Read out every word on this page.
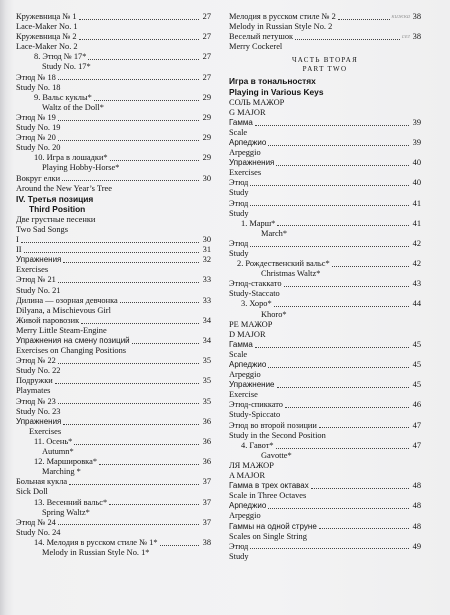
Кружевница № 1	27
Lace-Maker No. 1
Кружевница № 2	27
Lace-Maker No. 2
8. Этюд № 17*	27
Study No. 17*
Этюд № 18	27
Study No. 18
9. Вальс куклы*	29
Waltz of the Doll*
Этюд № 19	29
Study No. 19
Этюд № 20	29
Study No. 20
10. Игра в лошадки*	29
Playing Hobby-Horse*
Вокруг елки	30
Around the New Year’s Tree
IV. Третья позиция
Third Position
Две грустные песенки
Two Sad Songs
I	30
II	31
Упражнения	32
Exercises
Этюд № 21	33
Study No. 21
Дилина — озорная девчонка	33
Dilyana, a Mischievous Girl
Живой паровозик	34
Merry Little Steam-Engine
Упражнения на смену позиций	34
Exercises on Changing Positions
Этюд № 22	35
Study No. 22
Подружки	35
Playmates
Этюд № 23	35
Study No. 23
Упражнения	36
Exercises
11. Осень*	36
Autumn*
12. Маршировка*	36
Marching *
Больная кукла	37
Sick Doll
13. Весенний вальс*	37
Spring Waltz*
Этюд № 24	37
Study No. 24
14. Мелодия в русском стиле № 1*	38
Melody in Russian Style No. 1*
Мелодия в русском стиле № 2	кижка 38
Melody in Russian Style No. 2
Веселый петушок	сег 38
Merry Cockerel
ЧАСТЬ ВТОРАЯ
PART TWO
Игра в тональностях
Playing in Various Keys
СОЛЬ МАЖОР
G MAJOR
Гамма	39
Scale
Арпеджио	39
Arpeggio
Упражнения	40
Exercises
Этюд	40
Study
Этюд	41
Study
1. Марш*	41
March*
Этюд	42
Study
2. Рождественский вальс*	42
Christmas Waltz*
Этюд-стаккато	43
Study-Staccato
3. Хоро*	44
Khoro*
РЕ МАЖОР
D MAJOR
Гамма	45
Scale
Арпеджио	45
Arpeggio
Упражнение	45
Exercise
Этюд-спиккато	46
Study-Spiccato
Этюд во второй позиции	47
Study in the Second Position
4. Гавот*	47
Gavotte*
ЛЯ МАЖОР
A MAJOR
Гамма в трех октавах	48
Scale in Three Octaves
Арпеджио	48
Arpeggio
Гаммы на одной струне	48
Scales on Single String
Этюд	49
Study
